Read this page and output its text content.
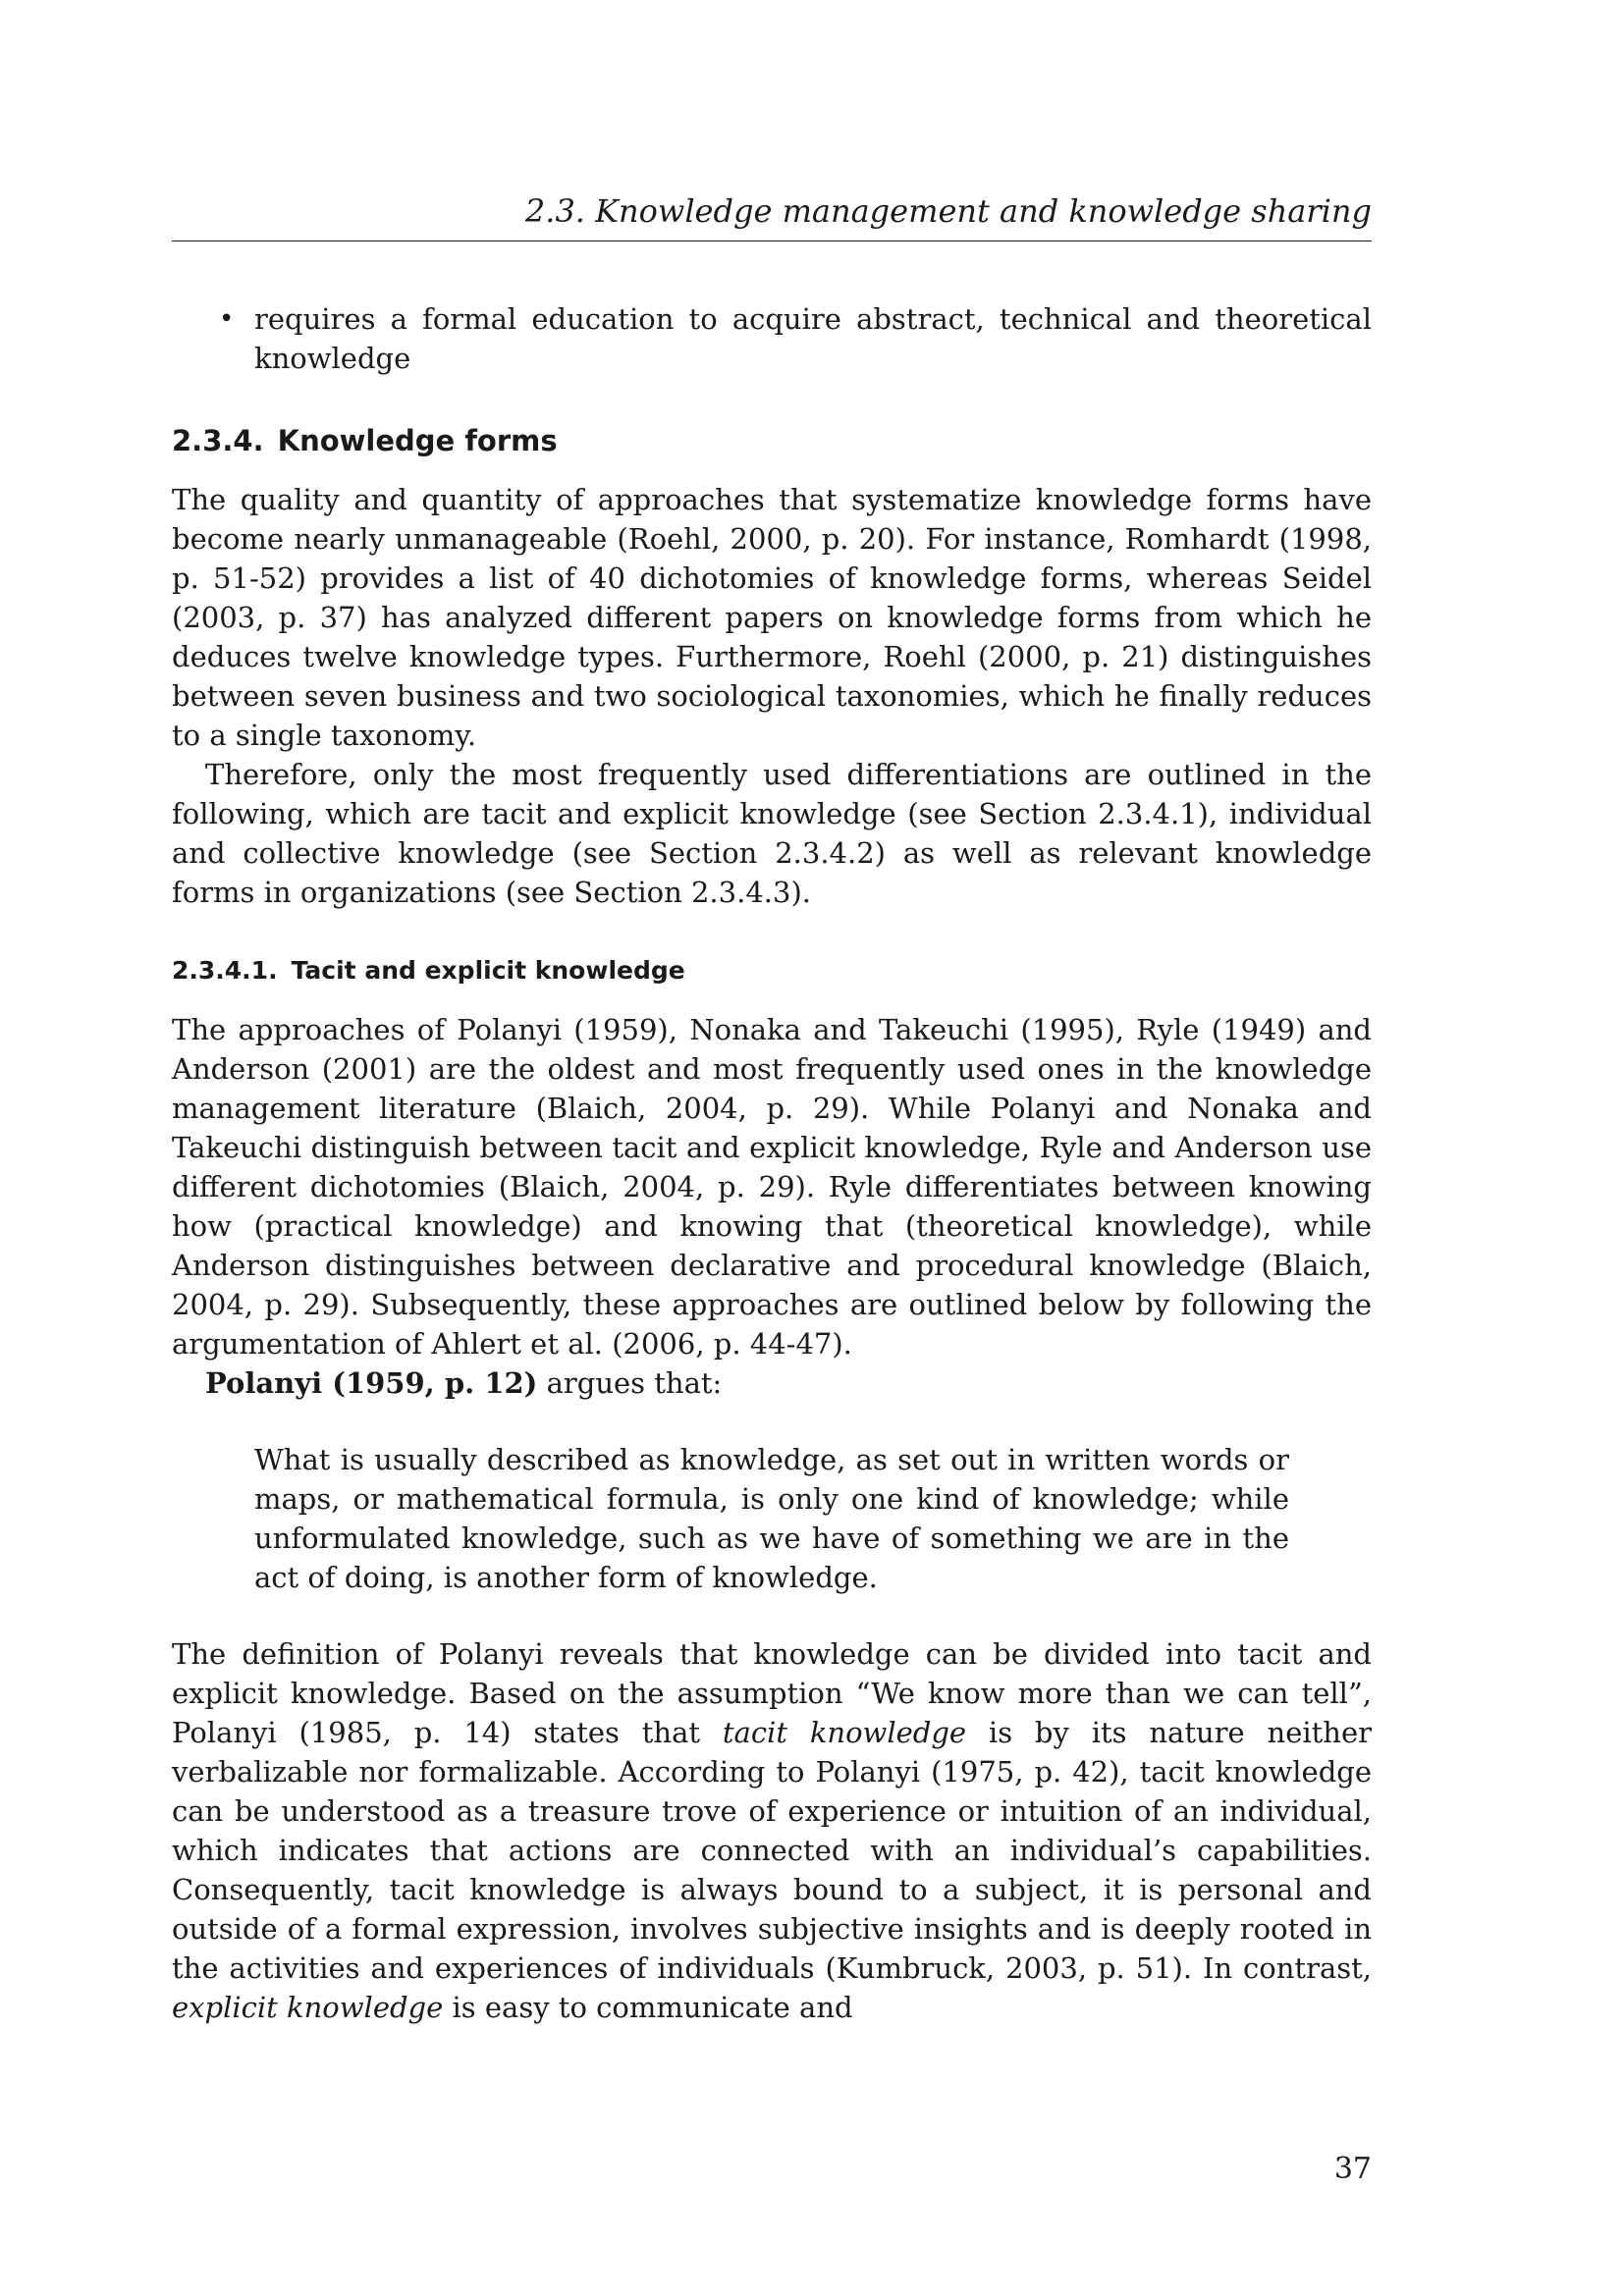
2.3. Knowledge management and knowledge sharing
• requires a formal education to acquire abstract, technical and theoretical knowledge
2.3.4. Knowledge forms

The quality and quantity of approaches that systematize knowledge forms have become nearly unmanageable (Roehl, 2000, p. 20). For instance, Romhardt (1998, p. 51-52) provides a list of 40 dichotomies of knowledge forms, whereas Seidel (2003, p. 37) has analyzed different papers on knowledge forms from which he deduces twelve knowledge types. Furthermore, Roehl (2000, p. 21) distinguishes between seven business and two sociological taxonomies, which he finally reduces to a single taxonomy.

Therefore, only the most frequently used differentiations are outlined in the following, which are tacit and explicit knowledge (see Section 2.3.4.1), individual and collective knowledge (see Section 2.3.4.2) as well as relevant knowledge forms in organizations (see Section 2.3.4.3).

2.3.4.1. Tacit and explicit knowledge

The approaches of Polanyi (1959), Nonaka and Takeuchi (1995), Ryle (1949) and Anderson (2001) are the oldest and most frequently used ones in the knowledge management literature (Blaich, 2004, p. 29). While Polanyi and Nonaka and Takeuchi distinguish between tacit and explicit knowledge, Ryle and Anderson use different dichotomies (Blaich, 2004, p. 29). Ryle differentiates between knowing how (practical knowledge) and knowing that (theoretical knowledge), while Anderson distinguishes between declarative and procedural knowledge (Blaich, 2004, p. 29). Subsequently, these approaches are outlined below by following the argumentation of Ahlert et al. (2006, p. 44-47).

Polanyi (1959, p. 12) argues that:

What is usually described as knowledge, as set out in written words or maps, or mathematical formula, is only one kind of knowledge; while unformulated knowledge, such as we have of something we are in the act of doing, is another form of knowledge.

The definition of Polanyi reveals that knowledge can be divided into tacit and explicit knowledge. Based on the assumption “We know more than we can tell”, Polanyi (1985, p. 14) states that tacit knowledge is by its nature neither verbalizable nor formalizable. According to Polanyi (1975, p. 42), tacit knowledge can be understood as a treasure trove of experience or intuition of an individual, which indicates that actions are connected with an individual’s capabilities. Consequently, tacit knowledge is always bound to a subject, it is personal and outside of a formal expression, involves subjective insights and is deeply rooted in the activities and experiences of individuals (Kumbruck, 2003, p. 51). In contrast, explicit knowledge is easy to communicate and

37
